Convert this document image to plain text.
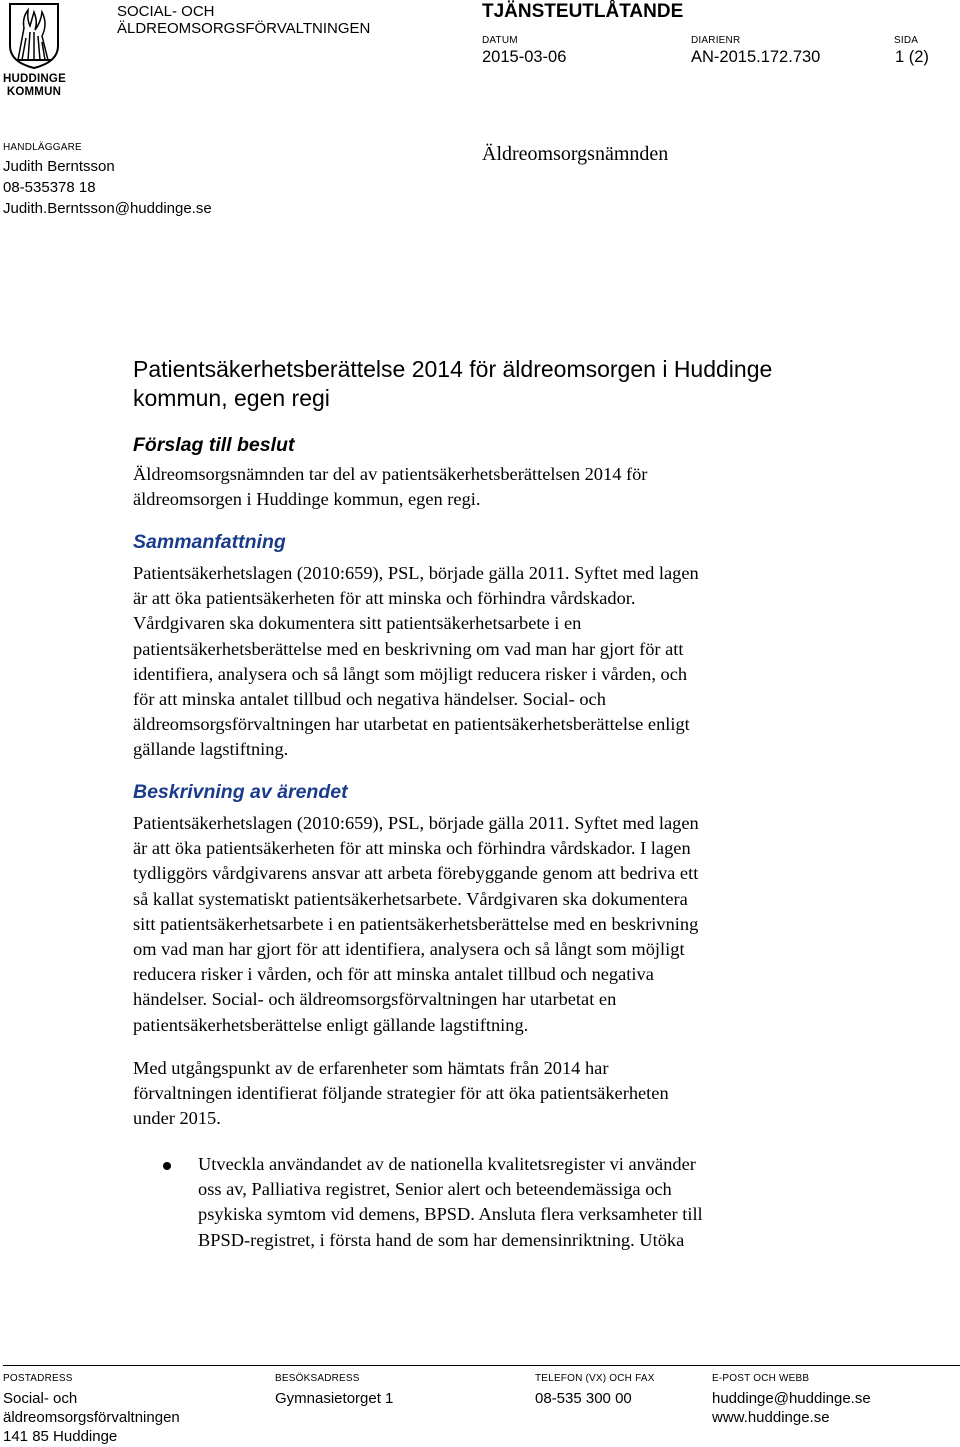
HUDDINGE
KOMMUN
SOCIAL- OCH
ÄLDREOMSORGSFÖRVALTNINGEN
TJÄNSTEUTLÅTANDE
DATUM
2015-03-06
DIARIENR
AN-2015.172.730
SIDA
1 (2)
HANDLÄGGARE
Judith Berntsson
08-535378 18
Judith.Berntsson@huddinge.se
Äldreomsorgsnämnden
Patientsäkerhetsberättelse 2014 för äldreomsorgen i Huddinge kommun, egen regi
Förslag till beslut
Äldreomsorgsnämnden tar del av patientsäkerhetsberättelsen 2014 för
äldreomsorgen i Huddinge kommun, egen regi.
Sammanfattning
Patientsäkerhetslagen (2010:659), PSL, började gälla 2011. Syftet med lagen
är att öka patientsäkerheten för att minska och förhindra vårdskador.
Vårdgivaren ska dokumentera sitt patientsäkerhetsarbete i en
patientsäkerhetsberättelse med en beskrivning om vad man har gjort för att
identifiera, analysera och så långt som möjligt reducera risker i vården, och
för att minska antalet tillbud och negativa händelser. Social- och
äldreomsorgsförvaltningen har utarbetat en patientsäkerhetsberättelse enligt
gällande lagstiftning.
Beskrivning av ärendet
Patientsäkerhetslagen (2010:659), PSL, började gälla 2011. Syftet med lagen
är att öka patientsäkerheten för att minska och förhindra vårdskador. I lagen
tydliggörs vårdgivarens ansvar att arbeta förebyggande genom att bedriva ett
så kallat systematiskt patientsäkerhetsarbete. Vårdgivaren ska dokumentera
sitt patientsäkerhetsarbete i en patientsäkerhetsberättelse med en beskrivning
om vad man har gjort för att identifiera, analysera och så långt som möjligt
reducera risker i vården, och för att minska antalet tillbud och negativa
händelser. Social- och äldreomsorgsförvaltningen har utarbetat en
patientsäkerhetsberättelse enligt gällande lagstiftning.
Med utgångspunkt av de erfarenheter som hämtats från 2014 har
förvaltningen identifierat följande strategier för att öka patientsäkerheten
under 2015.
Utveckla användandet av de nationella kvalitetsregister vi använder
oss av, Palliativa registret, Senior alert och beteendemässiga och
psykiska symtom vid demens, BPSD. Ansluta flera verksamheter till
BPSD-registret, i första hand de som har demensinriktning. Utöka
POSTADRESS
Social- och
äldreomsorgsförvaltningen
141 85 Huddinge
BESÖKSADRESS
Gymnasietorget 1
TELEFON (VX) OCH FAX
08-535 300 00
E-POST OCH WEBB
huddinge@huddinge.se
www.huddinge.se
